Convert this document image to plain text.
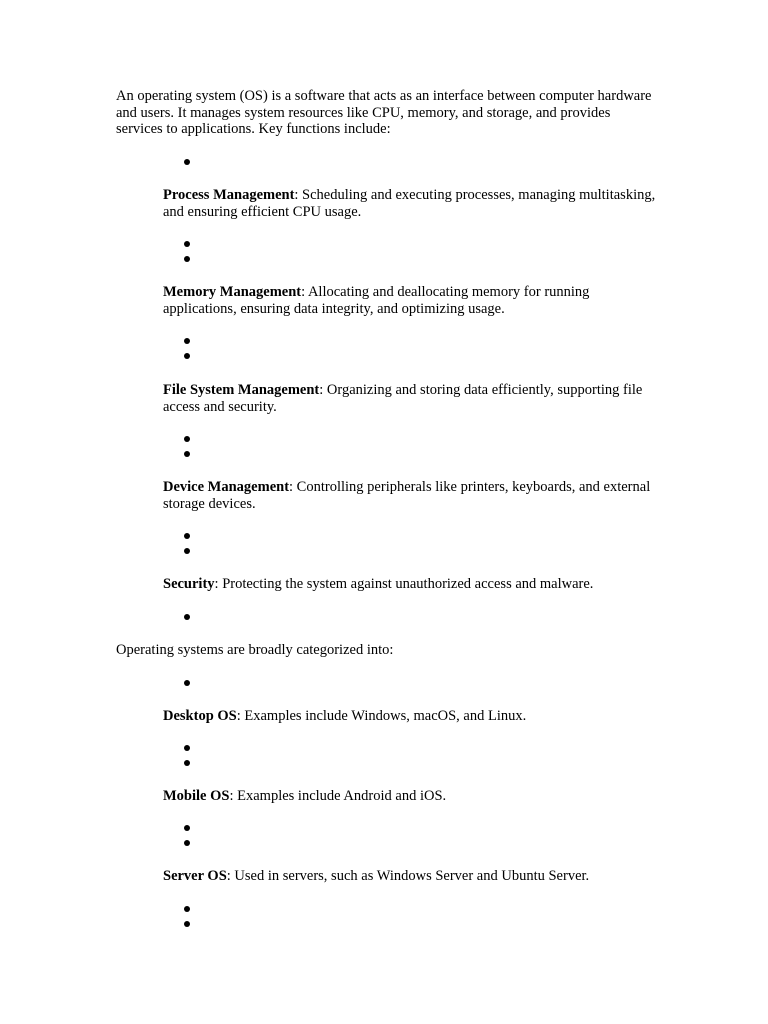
An operating system (OS) is a software that acts as an interface between computer hardware and users. It manages system resources like CPU, memory, and storage, and provides services to applications. Key functions include:

Process Management: Scheduling and executing processes, managing multitasking, and ensuring efficient CPU usage.

Memory Management: Allocating and deallocating memory for running applications, ensuring data integrity, and optimizing usage.

File System Management: Organizing and storing data efficiently, supporting file access and security.

Device Management: Controlling peripherals like printers, keyboards, and external storage devices.

Security: Protecting the system against unauthorized access and malware.

Operating systems are broadly categorized into:

Desktop OS: Examples include Windows, macOS, and Linux.

Mobile OS: Examples include Android and iOS.

Server OS: Used in servers, such as Windows Server and Ubuntu Server.
